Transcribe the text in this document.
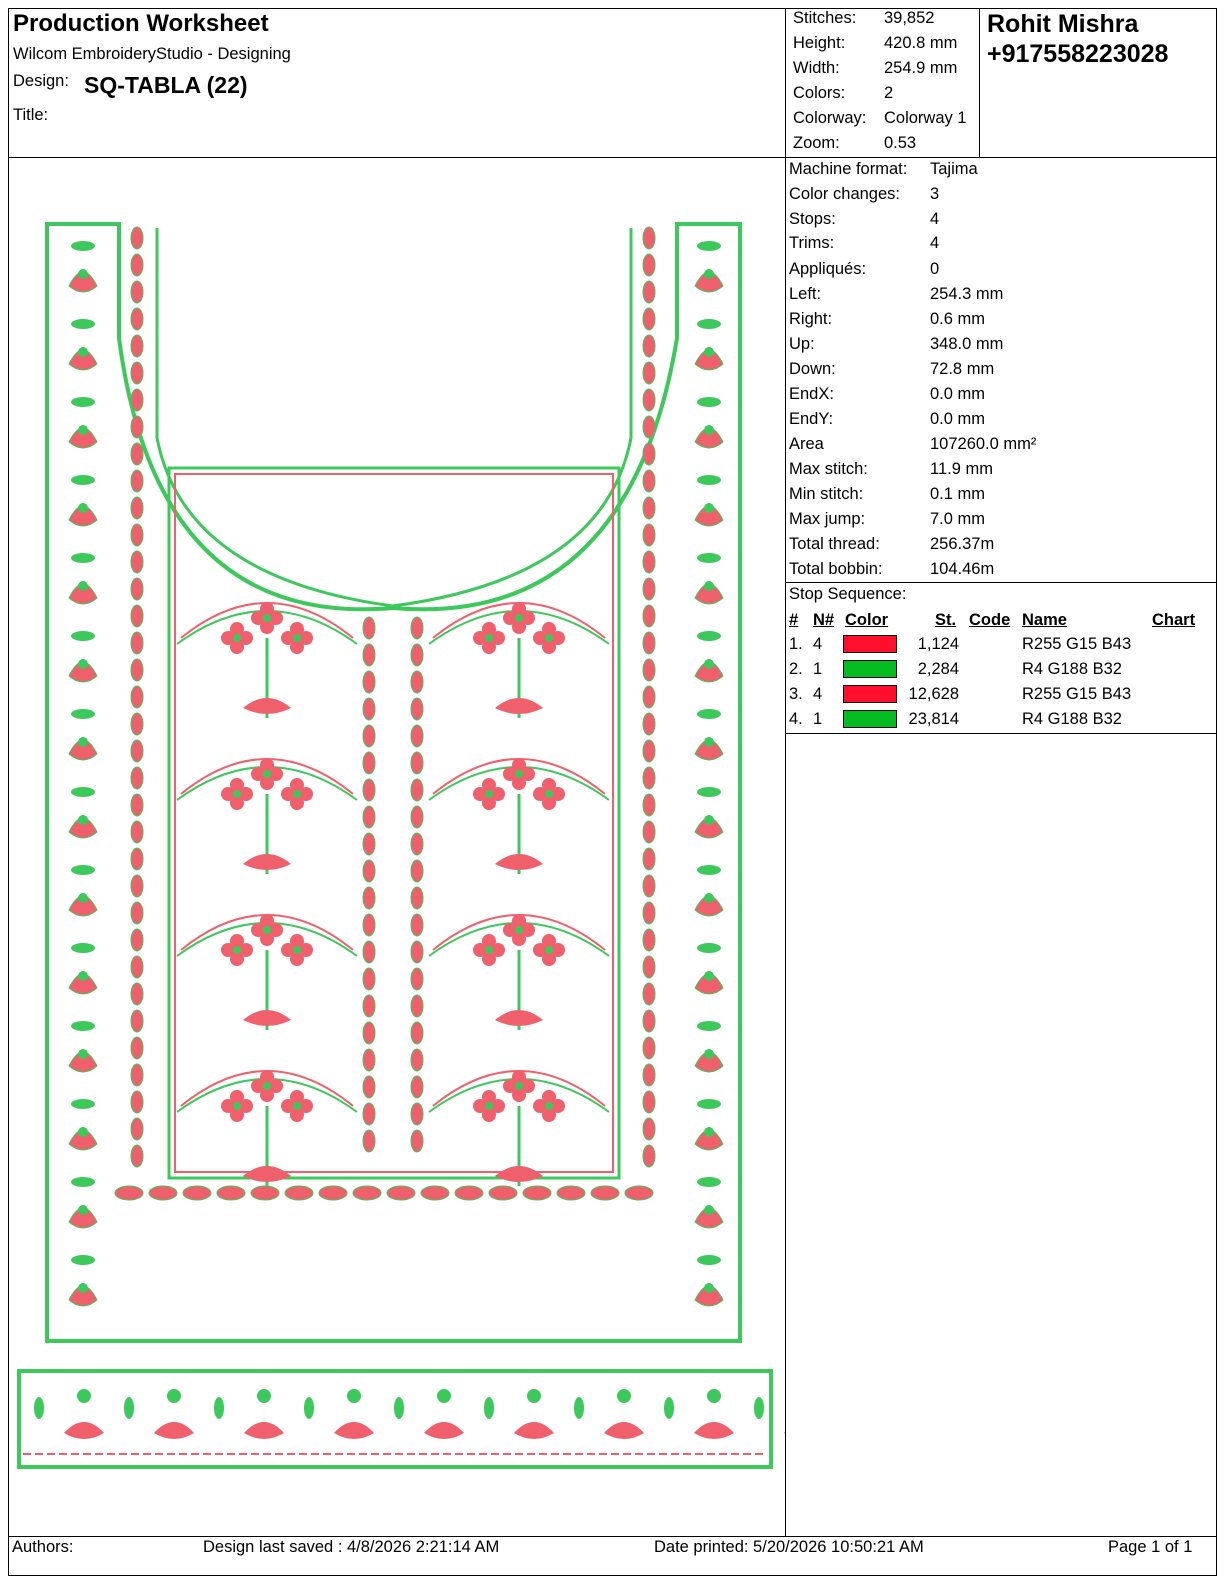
Production Worksheet
Wilcom EmbroideryStudio - Designing
Design: SQ-TABLA (22)
Title:
Stitches: 39,852
Height: 420.8 mm
Width:	254.9 mm
Colors: 2
Colorway: Colorway 1
Zoom:	0.53
Rohit Mishra
+917558223028
Machine format: Tajima
Color changes: 3
Stops:	4
Trims:	4
Appliqués:	0
Left:	254.3 mm
Right:	0.6 mm
Up:	348.0 mm
Down:	72.8 mm
EndX:	0.0 mm
EndY:	0.0 mm
Area	107260.0 mm²
Max stitch:	11.9 mm
Min stitch:	0.1 mm
Max jump:	7.0 mm
Total thread:	256.37m
Total bobbin:	104.46m
Stop Sequence:
# N# Color	St. Code Name	Chart
1. 4	1,124	R255 G15 B43
2. 1	2,284	R4 G188 B32
3. 4	12,628	R255 G15 B43
4. 1	23,814	R4 G188 B32
Authors:	Design last saved : 4/8/2026 2:21:14 AM	Date printed: 5/20/2026 10:50:21 AM	Page 1 of 1
